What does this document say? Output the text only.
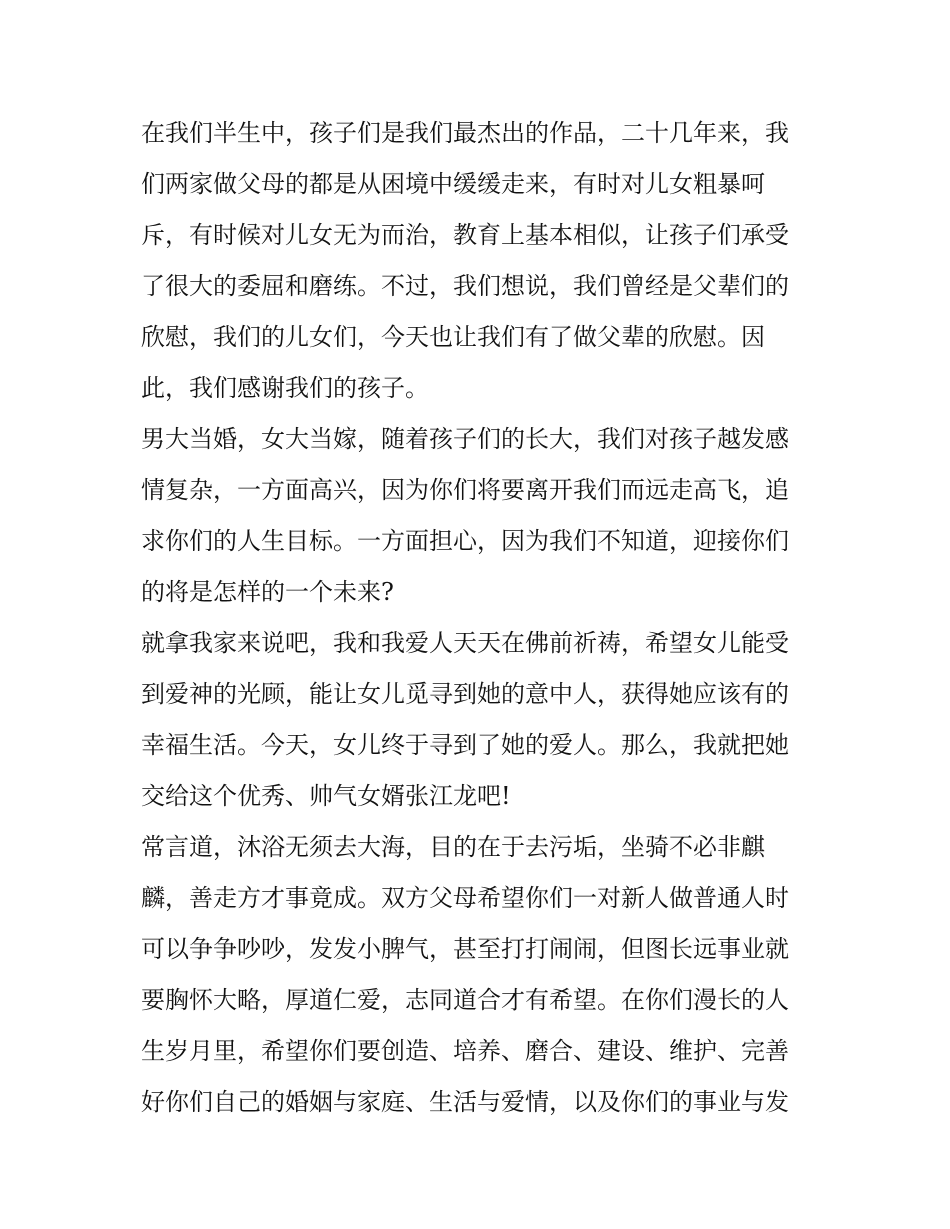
在我们半生中，孩子们是我们最杰出的作品，二十几年来，我
们两家做父母的都是从困境中缓缓走来，有时对儿女粗暴呵
斥，有时候对儿女无为而治，教育上基本相似，让孩子们承受
了很大的委屈和磨练。不过，我们想说，我们曾经是父辈们的
欣慰，我们的儿女们，今天也让我们有了做父辈的欣慰。因
此，我们感谢我们的孩子。
男大当婚，女大当嫁，随着孩子们的长大，我们对孩子越发感
情复杂，一方面高兴，因为你们将要离开我们而远走高飞，追
求你们的人生目标。一方面担心，因为我们不知道，迎接你们
的将是怎样的一个未来?
就拿我家来说吧，我和我爱人天天在佛前祈祷，希望女儿能受
到爱神的光顾，能让女儿觅寻到她的意中人，获得她应该有的
幸福生活。今天，女儿终于寻到了她的爱人。那么，我就把她
交给这个优秀、帅气女婿张江龙吧!
常言道，沐浴无须去大海，目的在于去污垢，坐骑不必非麒
麟，善走方才事竟成。双方父母希望你们一对新人做普通人时
可以争争吵吵，发发小脾气，甚至打打闹闹，但图长远事业就
要胸怀大略，厚道仁爱，志同道合才有希望。在你们漫长的人
生岁月里，希望你们要创造、培养、磨合、建设、维护、完善
好你们自己的婚姻与家庭、生活与爱情，以及你们的事业与发
